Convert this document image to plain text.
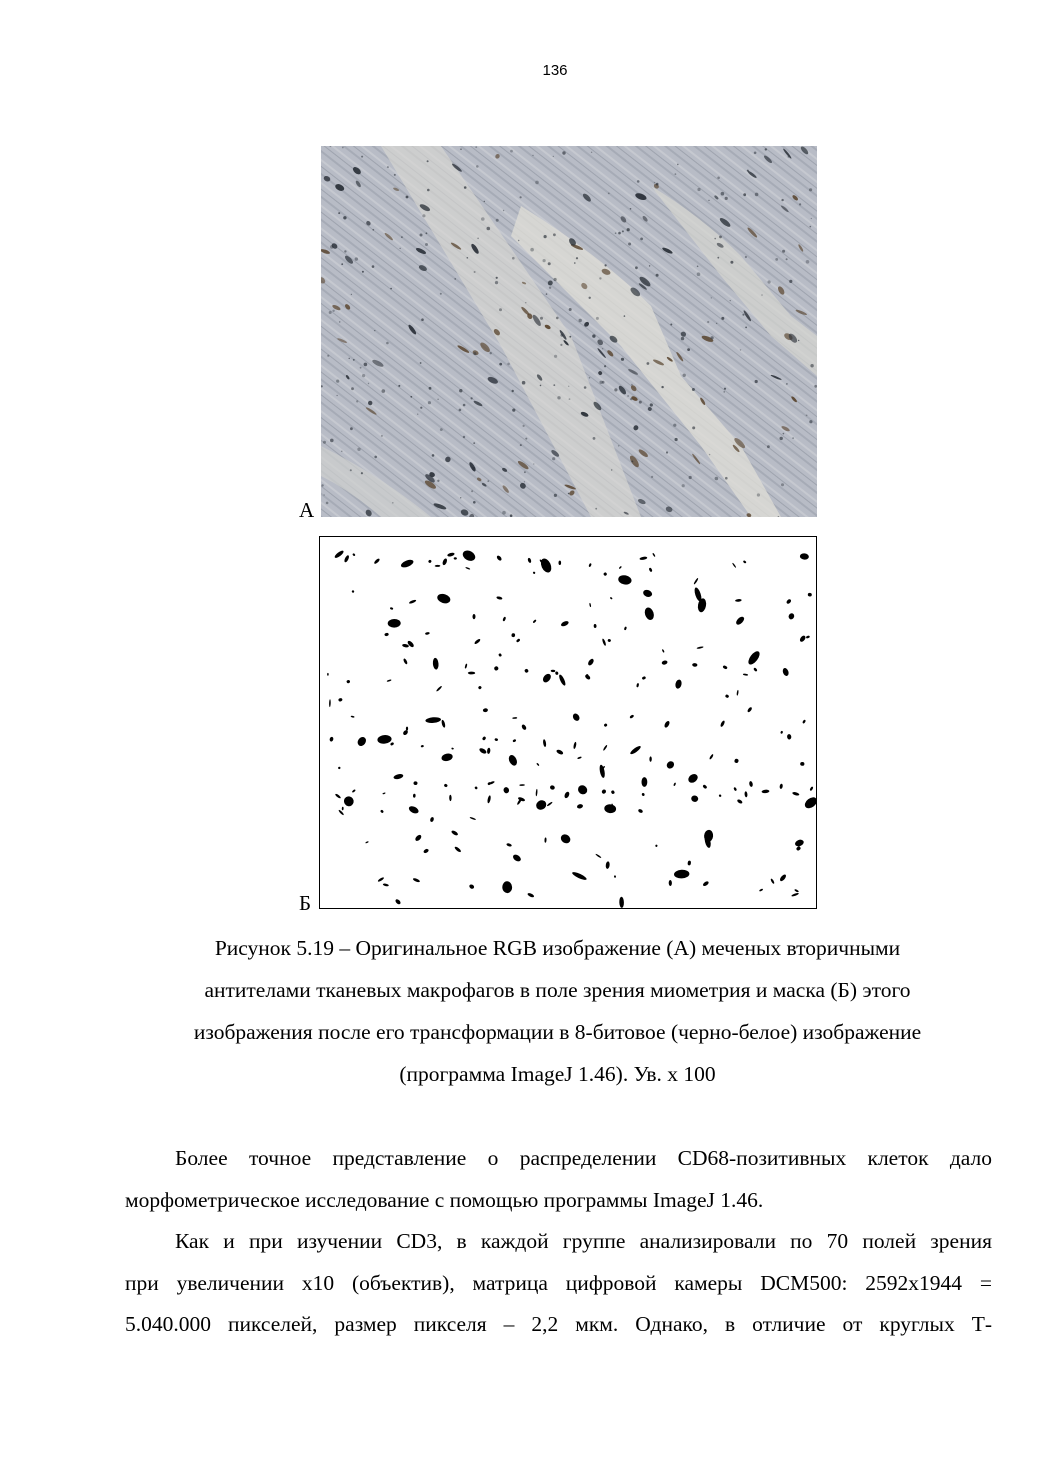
136
А
Б

Рисунок 5.19 – Оригинальное RGB изображение (А) меченых вторичными

антителами тканевых макрофагов в поле зрения миометрия и маска (Б) этого

изображения после его трансформации в 8-битовое (черно-белое) изображение

(программа ImageJ 1.46). Ув. х 100

Более точное представление о распределении CD68-позитивных клеток дало
морфометрическое исследование с помощью программы ImageJ 1.46.
Как и при изучении CD3, в каждой группе анализировали по 70 полей зрения
при увеличении х10 (объектив), матрица цифровой камеры DCM500: 2592х1944 =
5.040.000 пикселей, размер пикселя – 2,2 мкм. Однако, в отличие от круглых Т-
